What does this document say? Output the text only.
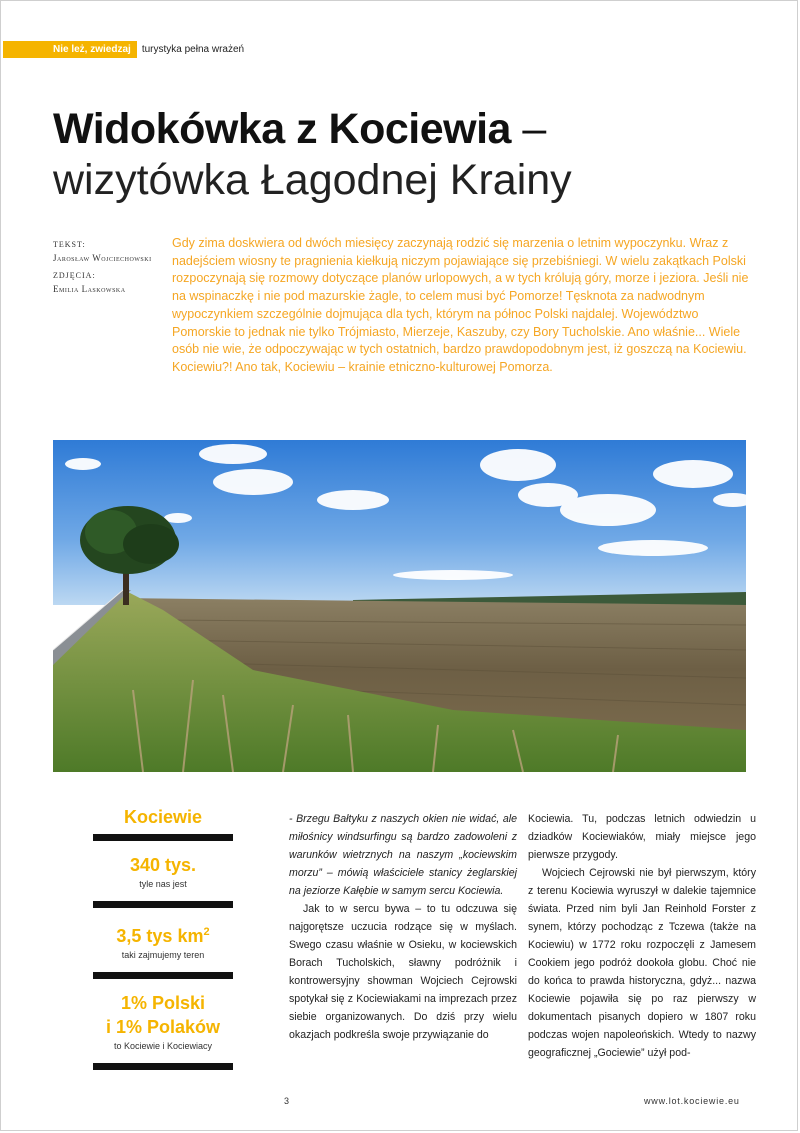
Nie leż, zwiedzaj	turystyka pełna wrażeń
Widokówka z Kociewia –
wizytówka Łagodnej Krainy
TEKST:
Jarosław Wojciechowski
ZDJĘCIA:
Emilia Laskowska

Gdy zima doskwiera od dwóch miesięcy zaczynają rodzić się marzenia o letnim wypoczynku. Wraz z nadejściem wiosny te pragnienia kiełkują niczym pojawiające się przebiśniegi. W wielu zakątkach Polski rozpoczynają się rozmowy dotyczące planów urlopowych, a w tych królują góry, morze i jeziora. Jeśli nie na wspinaczkę i nie pod mazurskie żagle, to celem musi być Pomorze! Tęsknota za nadwodnym wypoczynkiem szczególnie dojmująca dla tych, którym na północ Polski najdalej. Województwo Pomorskie to jednak nie tylko Trójmiasto, Mierzeje, Kaszuby, czy Bory Tucholskie. Ano właśnie... Wiele osób nie wie, że odpoczywając w tych ostatnich, bardzo prawdopodobnym jest, iż goszczą na Kociewiu. Kociewiu?! Ano tak, Kociewiu – krainie etniczno-kulturowej Pomorza.

Kociewie
340 tys.
tyle nas jest
3,5 tys $km^2$
taki zajmujemy teren
1% Polski
i 1% Polaków
to Kociewie i Kociewiacy

- Brzegu Bałtyku z naszych okien nie widać, ale miłośnicy windsurfingu są bardzo zadowoleni z warunków wietrznych na naszym „kociewskim morzu” – mówią właściciele stanicy żeglarskiej na jeziorze Kałębie w samym sercu Kociewia.

Jak to w sercu bywa – to tu odczuwa się najgorętsze uczucia rodzące się w myślach. Swego czasu właśnie w Osieku, w kociewskich Borach Tucholskich, sławny podróżnik i kontrowersyjny showman Wojciech Cejrowski spotykał się z Kociewiakami na imprezach przez siebie organizowanych. Do dziś przy wielu okazjach podkreśla swoje przywiązanie do

Kociewia. Tu, podczas letnich odwiedzin u dziadków Kociewiaków, miały miejsce jego pierwsze przygody.

Wojciech Cejrowski nie był pierwszym, który z terenu Kociewia wyruszył w dalekie tajemnice świata. Przed nim byli Jan Reinhold Forster z synem, którzy pochodząc z Tczewa (także na Kociewiu) w 1772 roku rozpoczęli z Jamesem Cookiem jego podróż dookoła globu. Choć nie do końca to prawda historyczna, gdyż... nazwa Kociewie pojawiła się po raz pierwszy w dokumentach pisanych dopiero w 1807 roku podczas wojen napoleońskich. Wtedy to nazwy geograficznej „Gociewie” użył pod-

3	www.lot.kociewie.eu
